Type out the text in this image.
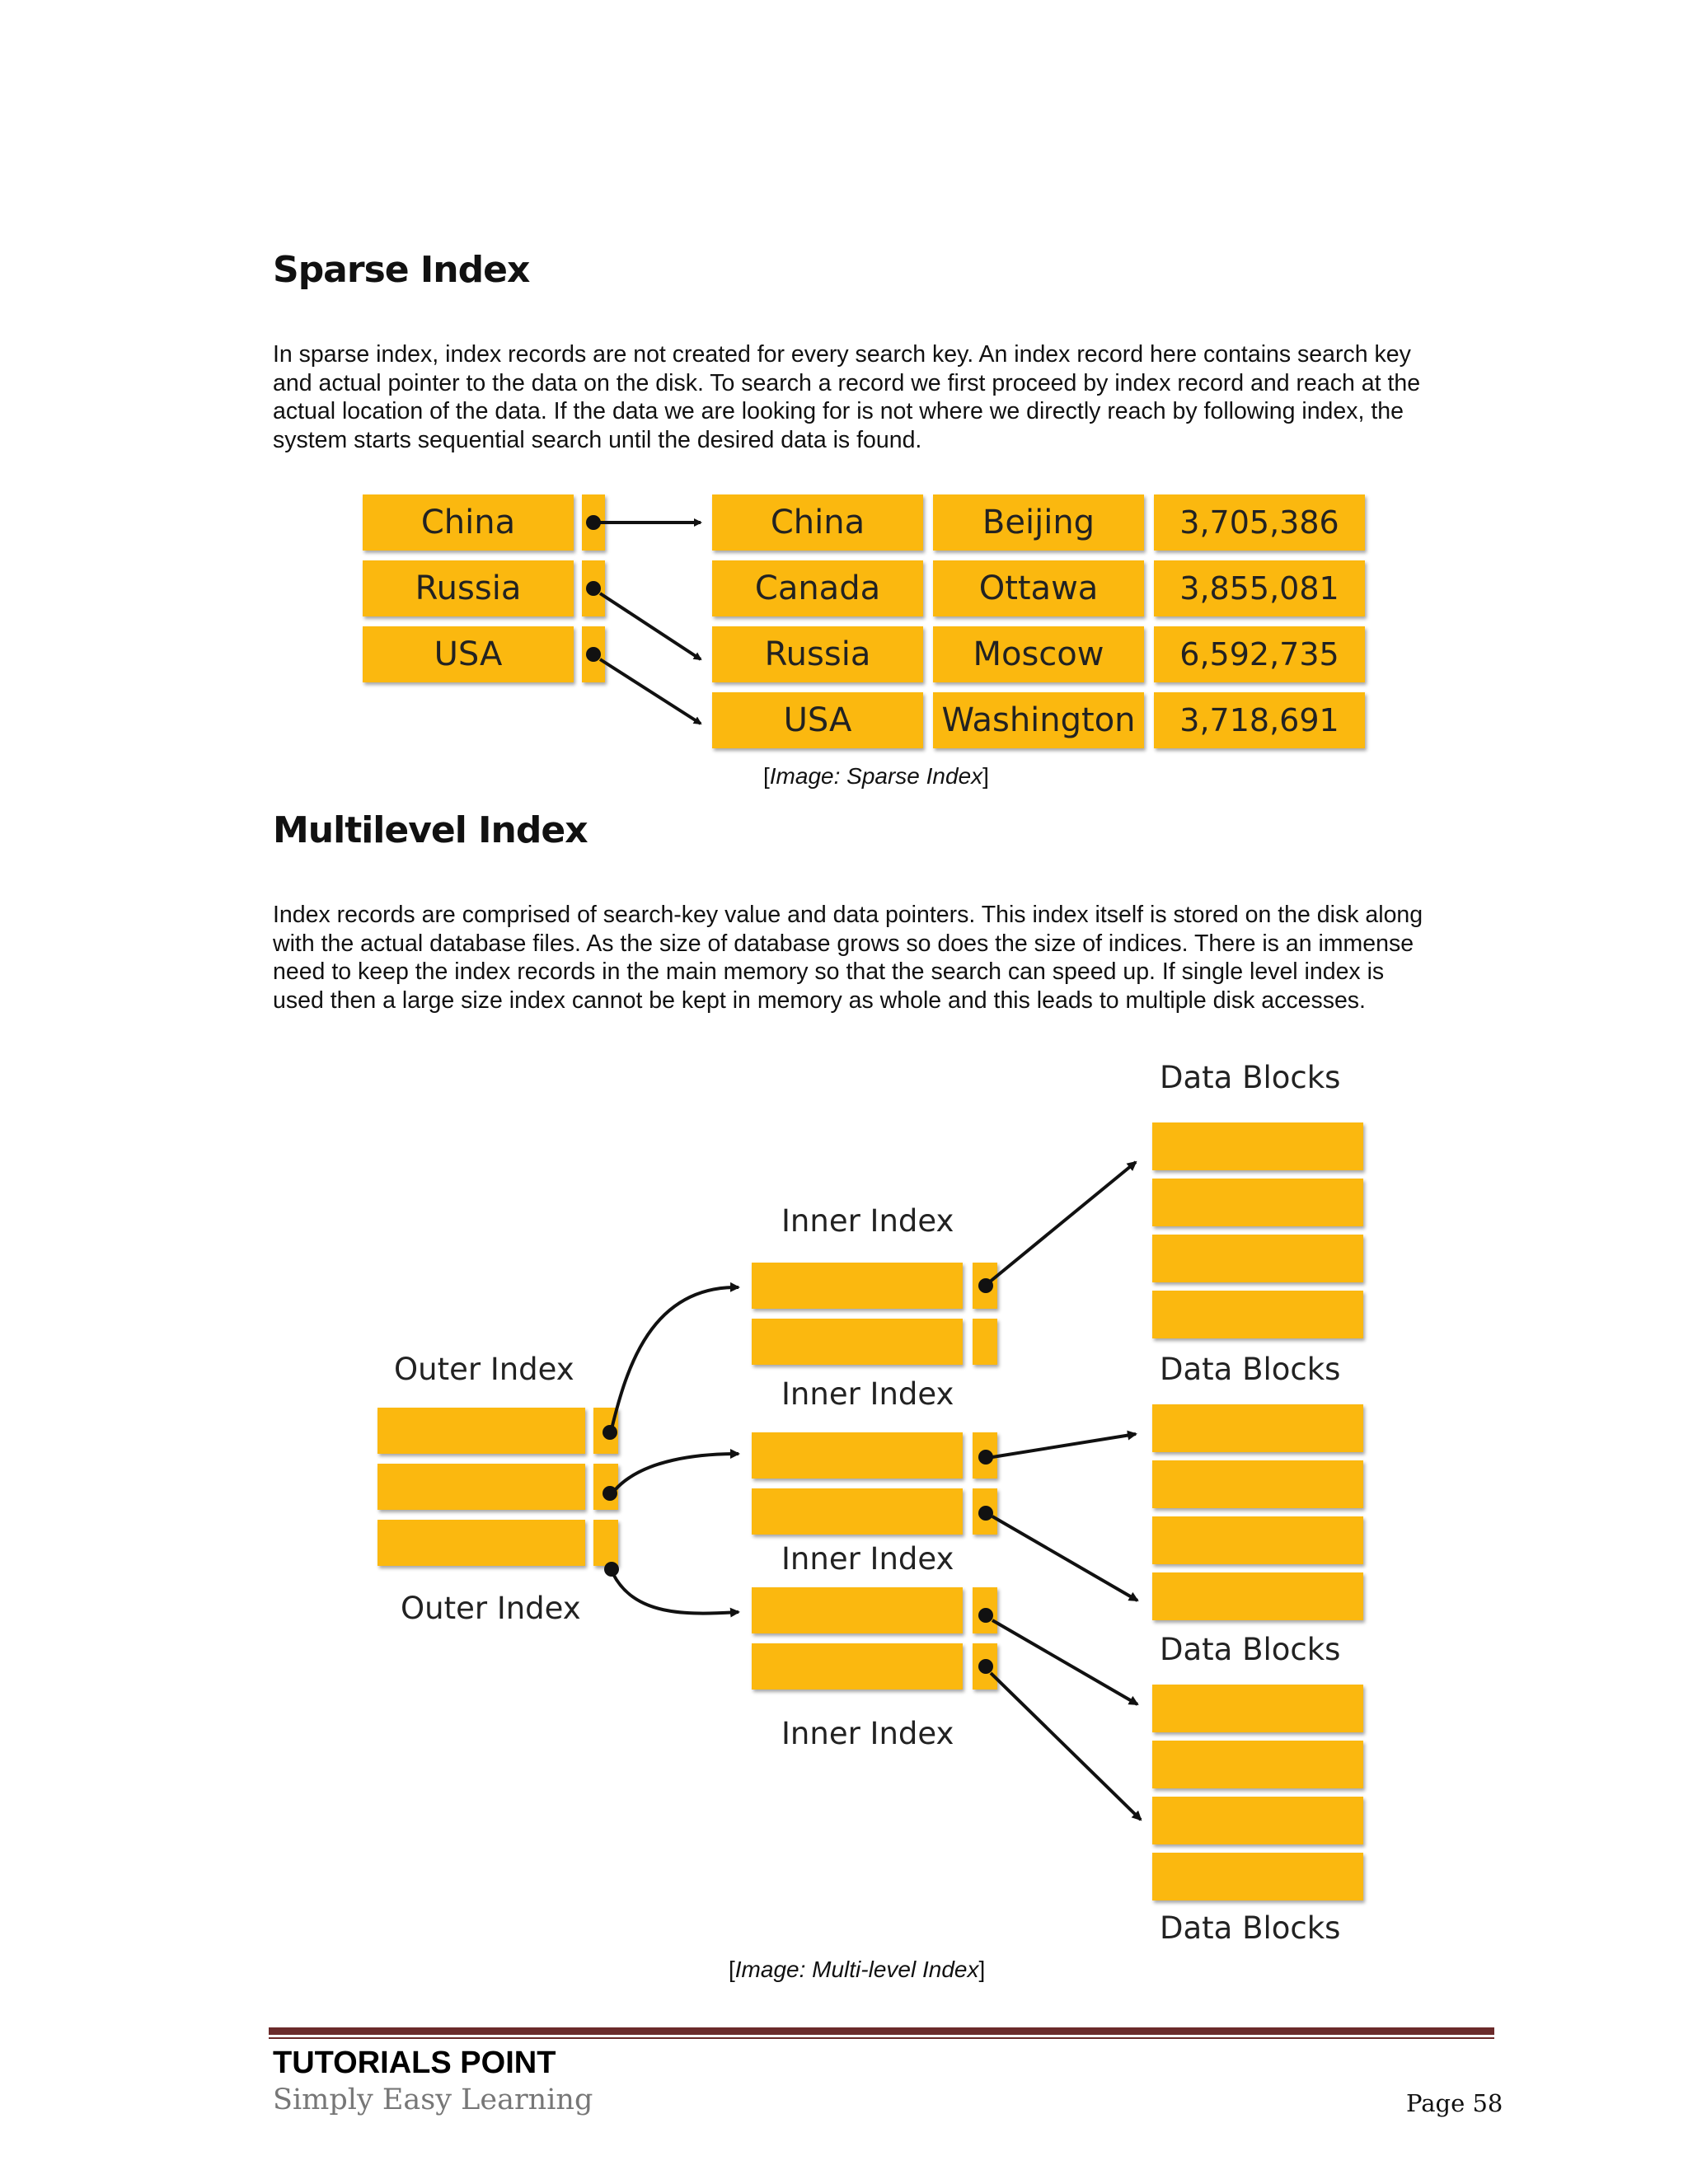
Sparse Index
In sparse index, index records are not created for every search key. An index record here contains search key
and actual pointer to the data on the disk. To search a record we first proceed by index record and reach at the
actual location of the data. If the data we are looking for is not where we directly reach by following index, the
system starts sequential search until the desired data is found.
China
Russia
USA
China	Beijing	3,705,386
Canada	Ottawa	3,855,081
Russia	Moscow	6,592,735
USA	Washington	3,718,691
[Image: Sparse Index]
Multilevel Index
Index records are comprised of search-key value and data pointers. This index itself is stored on the disk along
with the actual database files. As the size of database grows so does the size of indices. There is an immense
need to keep the index records in the main memory so that the search can speed up. If single level index is
used then a large size index cannot be kept in memory as whole and this leads to multiple disk accesses.
Data Blocks
Data Blocks
Data Blocks
Data Blocks
Inner Index
Inner Index
Inner Index
Inner Index
Outer Index
Outer Index
[Image: Multi-level Index]
TUTORIALS POINT
Simply Easy Learning	Page 58
